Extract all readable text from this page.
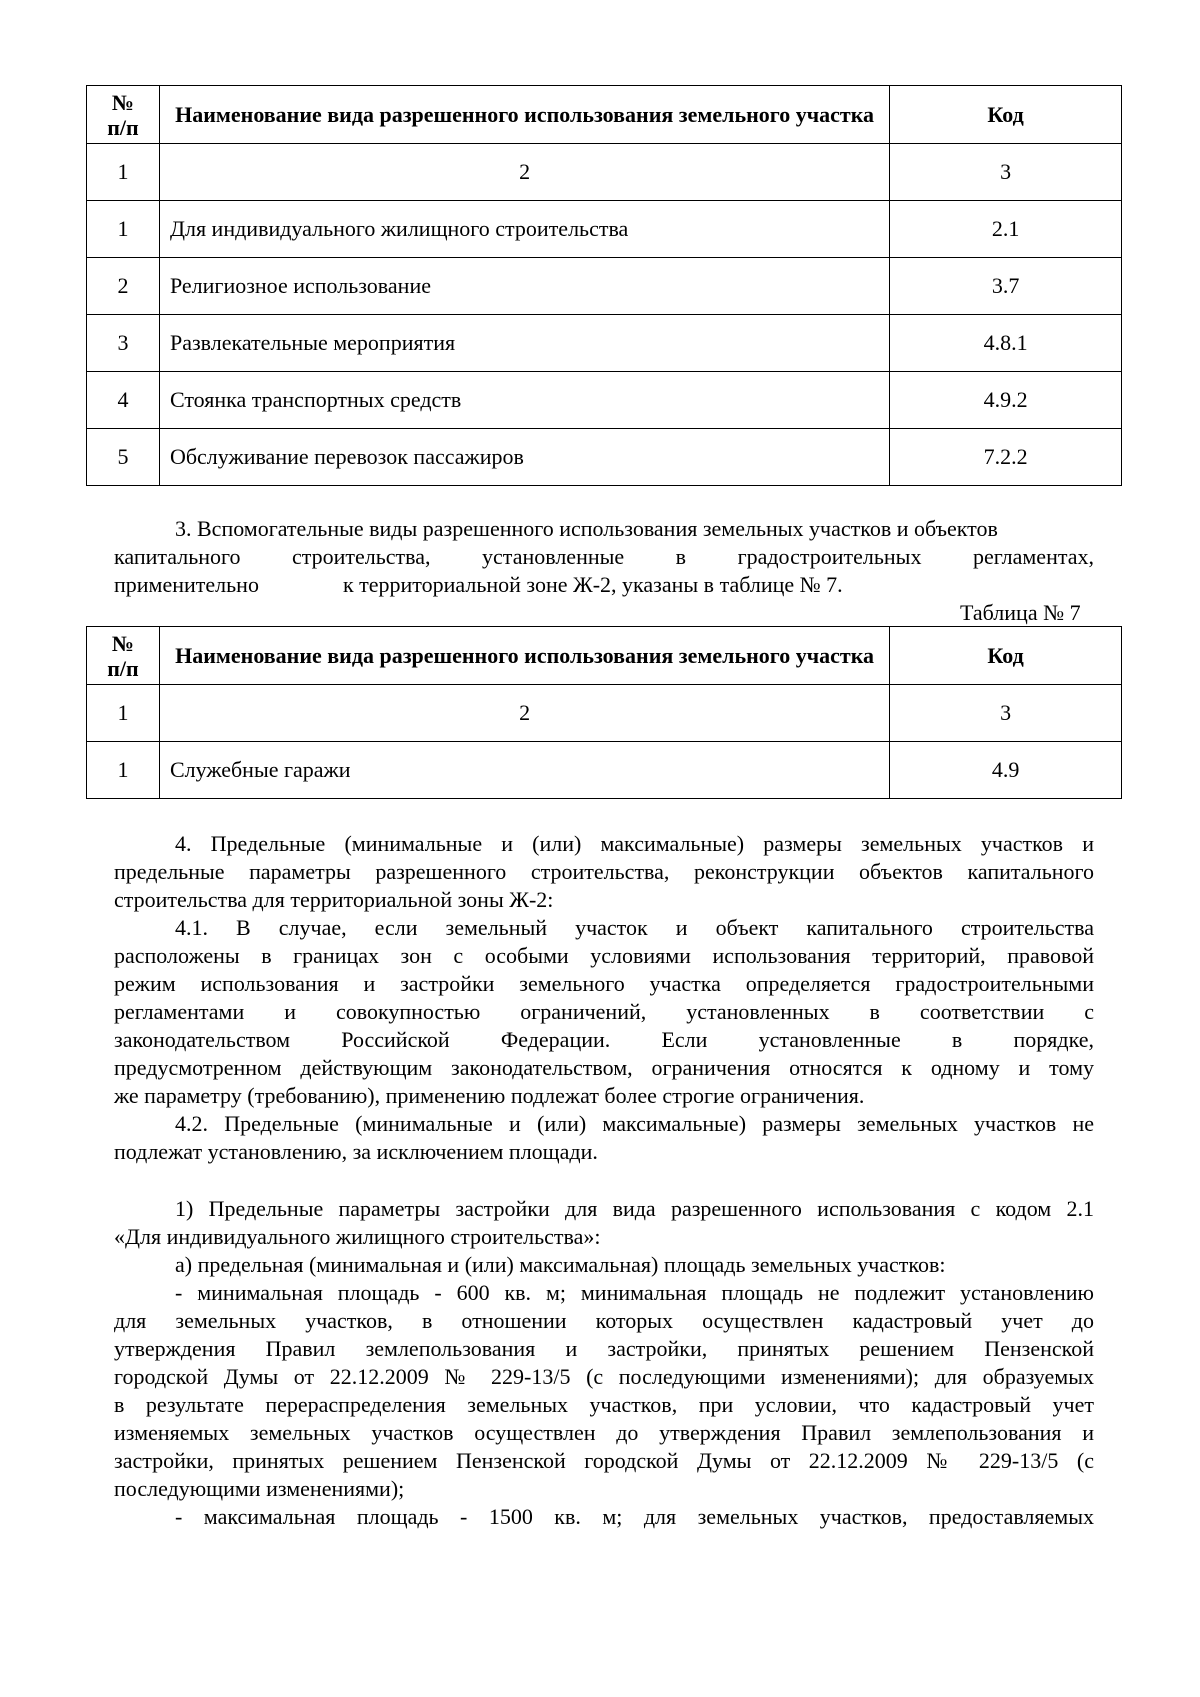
№
п/п	Наименование вида разрешенного использования земельного участка	Код
1	2	3
1	Для индивидуального жилищного строительства	2.1
2	Религиозное использование	3.7
3	Развлекательные мероприятия	4.8.1
4	Стоянка транспортных средств	4.9.2
5	Обслуживание перевозок пассажиров	7.2.2
3. Вспомогательные виды разрешенного использования земельных участков и объектов
капитального строительства, установленные в градостроительных регламентах,
применительно	к территориальной зоне Ж-2, указаны в таблице № 7.
Таблица № 7
№
п/п	Наименование вида разрешенного использования земельного участка	Код
1	2	3
1	Служебные гаражи	4.9
4. Предельные (минимальные и (или) максимальные) размеры земельных участков и
предельные параметры разрешенного строительства, реконструкции объектов капитального
строительства для территориальной зоны Ж-2:
4.1. В случае, если земельный участок и объект капитального строительства
расположены в границах зон с особыми условиями использования территорий, правовой
режим использования и застройки земельного участка определяется градостроительными
регламентами и совокупностью ограничений, установленных в соответствии с
законодательством Российской Федерации. Если установленные в порядке,
предусмотренном действующим законодательством, ограничения относятся к одному и тому
же параметру (требованию), применению подлежат более строгие ограничения.
4.2. Предельные (минимальные и (или) максимальные) размеры земельных участков не
подлежат установлению, за исключением площади.
1) Предельные параметры застройки для вида разрешенного использования с кодом 2.1
«Для индивидуального жилищного строительства»:
а) предельная (минимальная и (или) максимальная) площадь земельных участков:
- минимальная площадь - 600 кв. м; минимальная площадь не подлежит установлению
для земельных участков, в отношении которых осуществлен кадастровый учет до
утверждения Правил землепользования и застройки, принятых решением Пензенской
городской Думы от 22.12.2009 № 229-13/5 (с последующими изменениями); для образуемых
в результате перераспределения земельных участков, при условии, что кадастровый учет
изменяемых земельных участков осуществлен до утверждения Правил землепользования и
застройки, принятых решением Пензенской городской Думы от 22.12.2009 № 229-13/5 (с
последующими изменениями);
- максимальная площадь - 1500 кв. м; для земельных участков, предоставляемых
